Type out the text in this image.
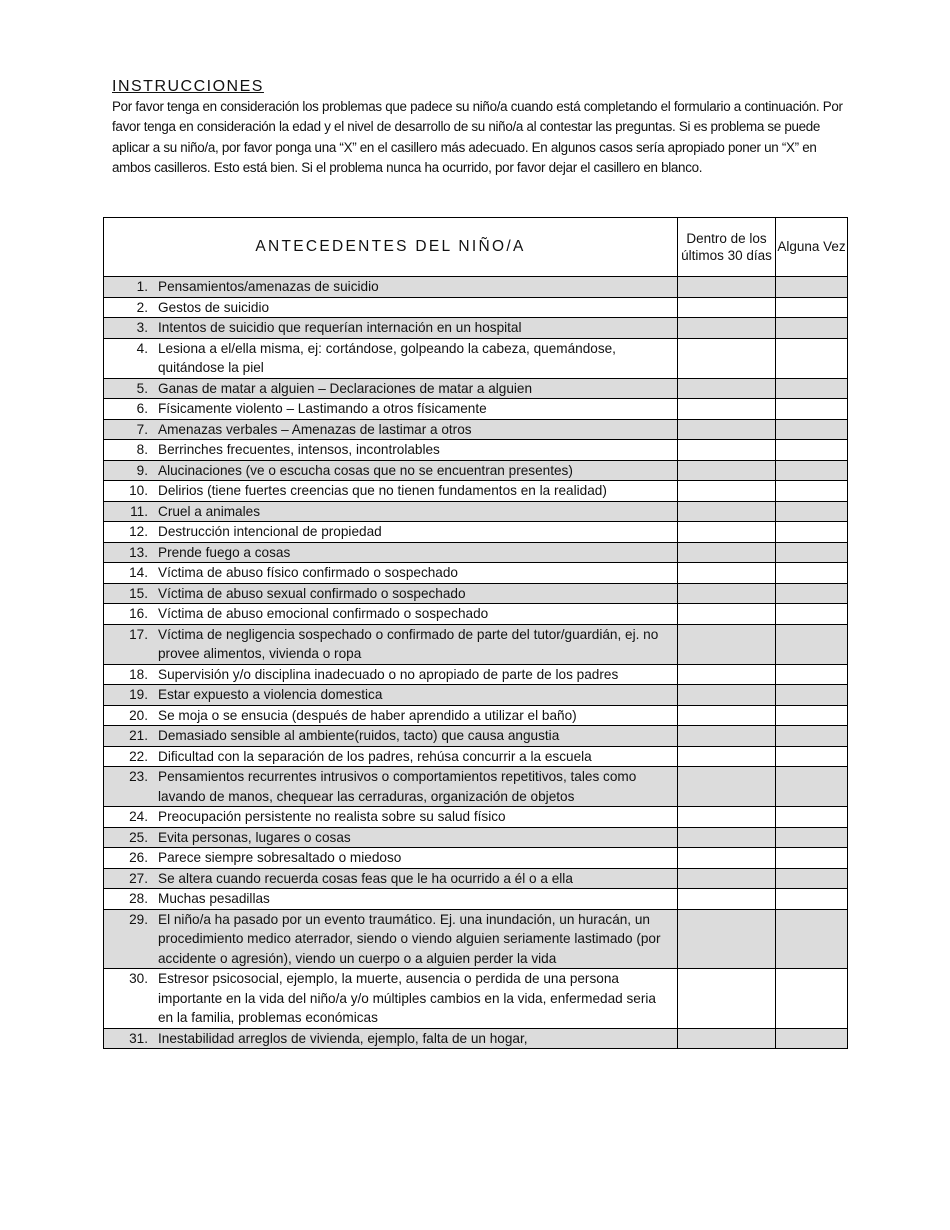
INSTRUCCIONES

Por favor tenga en consideración los problemas que padece su niño/a cuando está completando el formulario a continuación. Por favor tenga en consideración la edad y el nivel de desarrollo de su niño/a al contestar las preguntas. Si es problema se puede aplicar a su niño/a, por favor ponga una “X” en el casillero más adecuado. En algunos casos sería apropiado poner un “X” en ambos casilleros. Esto está bien. Si el problema nunca ha ocurrido, por favor dejar el casillero en blanco.

ANTECEDENTES DEL NIÑO/A	Dentro de los últimos 30 días	Alguna Vez

1. Pensamientos/amenazas de suicidio		

2. Gestos de suicidio		

3. Intentos de suicidio que requerían internación en un hospital		

4. Lesiona a el/ella misma, ej: cortándose, golpeando la cabeza, quemándose, quitándose la piel		

5. Ganas de matar a alguien – Declaraciones de matar a alguien		

6. Físicamente violento – Lastimando a otros físicamente		

7. Amenazas verbales – Amenazas de lastimar a otros		

8. Berrinches frecuentes, intensos, incontrolables		

9. Alucinaciones (ve o escucha cosas que no se encuentran presentes)		

10. Delirios (tiene fuertes creencias que no tienen fundamentos en la realidad)		

11. Cruel a animales		

12. Destrucción intencional de propiedad		

13. Prende fuego a cosas		

14. Víctima de abuso físico confirmado o sospechado		

15. Víctima de abuso sexual confirmado o sospechado		

16. Víctima de abuso emocional confirmado o sospechado		

17. Víctima de negligencia sospechado o confirmado de parte del tutor/guardián, ej. no provee alimentos, vivienda o ropa		

18. Supervisión y/o disciplina inadecuado o no apropiado de parte de los padres		

19. Estar expuesto a violencia domestica		

20. Se moja o se ensucia (después de haber aprendido a utilizar el baño)		

21. Demasiado sensible al ambiente(ruidos, tacto) que causa angustia		

22. Dificultad con la separación de los padres, rehúsa concurrir a la escuela		

23. Pensamientos recurrentes intrusivos o comportamientos repetitivos, tales como lavando de manos, chequear las cerraduras, organización de objetos		

24. Preocupación persistente no realista sobre su salud físico		

25. Evita personas, lugares o cosas		

26. Parece siempre sobresaltado o miedoso		

27. Se altera cuando recuerda cosas feas que le ha ocurrido a él o a ella		

28. Muchas pesadillas		

29. El niño/a ha pasado por un evento traumático. Ej. una inundación, un huracán, un procedimiento medico aterrador, siendo o viendo alguien seriamente lastimado (por accidente o agresión), viendo un cuerpo o a alguien perder la vida		

30. Estresor psicosocial, ejemplo, la muerte, ausencia o perdida de una persona importante en la vida del niño/a y/o múltiples cambios en la vida, enfermedad seria en la familia, problemas económicas		

31. Inestabilidad arreglos de vivienda, ejemplo, falta de un hogar,		
